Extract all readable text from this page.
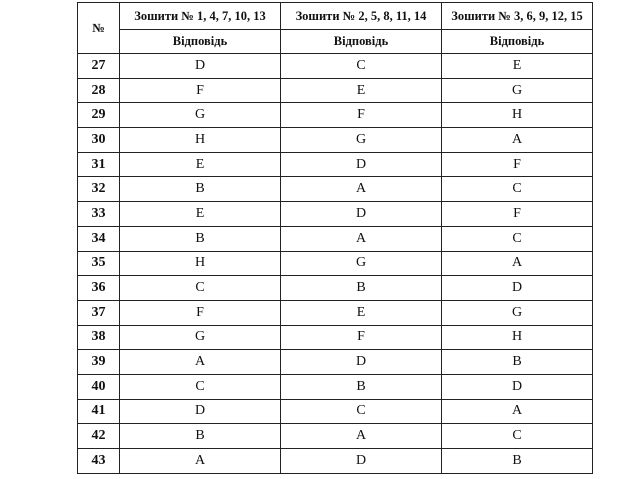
№	Зошити № 1, 4, 7, 10, 13	Зошити № 2, 5, 8, 11, 14	Зошити № 3, 6, 9, 12, 15
	Відповідь	Відповідь	Відповідь
27	D	C	E
28	F	E	G
29	G	F	H
30	H	G	A
31	E	D	F
32	B	A	C
33	E	D	F
34	B	A	C
35	H	G	A
36	C	B	D
37	F	E	G
38	G	F	H
39	A	D	B
40	C	B	D
41	D	C	A
42	B	A	C
43	A	D	B
